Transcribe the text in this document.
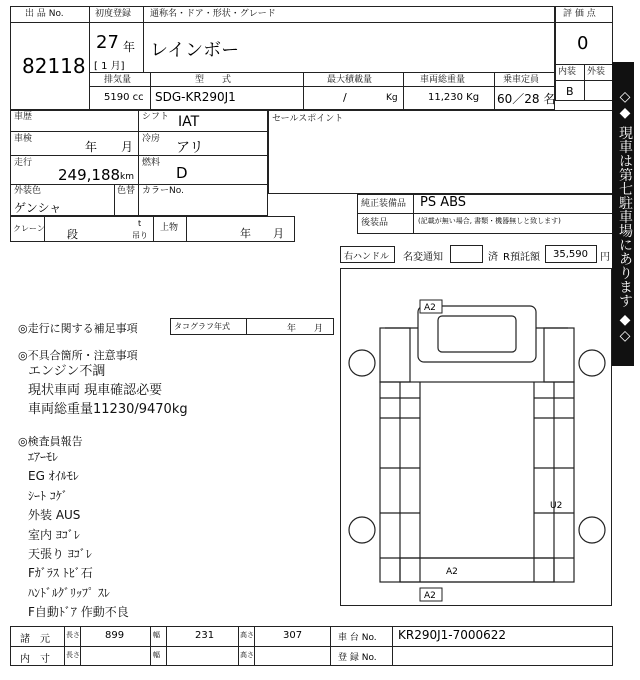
出 品 No.
82118
初度登録 通称名・ドア・形状・グレード
27 年
[ 1 月]
レインボー
評 価 点
0
内装 外装
B
排気量	型　　式	最大積載量	車両総重量	乗車定員
5190 cc SDG-KR290J1	/	Kg	11,230 Kg 60／28 名
車歴	シフト IAT
車検
年　　月
冷房
アリ
走行
249,188 km
燃料
D
外装色
ゲンシャ
色替 カラーNo.
セールスポイント
純正装備品 PS ABS
後装品	(記載が無い場合, 書類・機器無しと致します)
クレーン 段
t
吊り
上物	年　　月
右ハンドル 名変通知	済 R預託額 35,590 円 ◇◆ 現車は第七駐車場にあります ◆◇
◎走行に関する補足事項	タコグラフ年式	年　　月
◎不具合箇所・注意事項
エンジン不調
現状車両 現車確認必要
車両総重量11230/9470kg
◎検査員報告
ｴｱｰﾓﾚ
EG ｵｲﾙﾓﾚ
ｼｰﾄ ｺｹﾞ
外装 AUS
室内 ﾖｺﾞﾚ
天張り ﾖｺﾞﾚ
Fｶﾞﾗｽ ﾄﾋﾞ石
ﾊﾝﾄﾞﾙｸﾞﾘｯﾌﾟ ｽﾚ
F自動ﾄﾞｱ 作動不良
A2
U2
A2
A2
諸　元 長さ	899	幅	231	高さ	307	車 台 No. KR290J1-7000622
内　寸 長さ	幅	高さ	登 録 No.
